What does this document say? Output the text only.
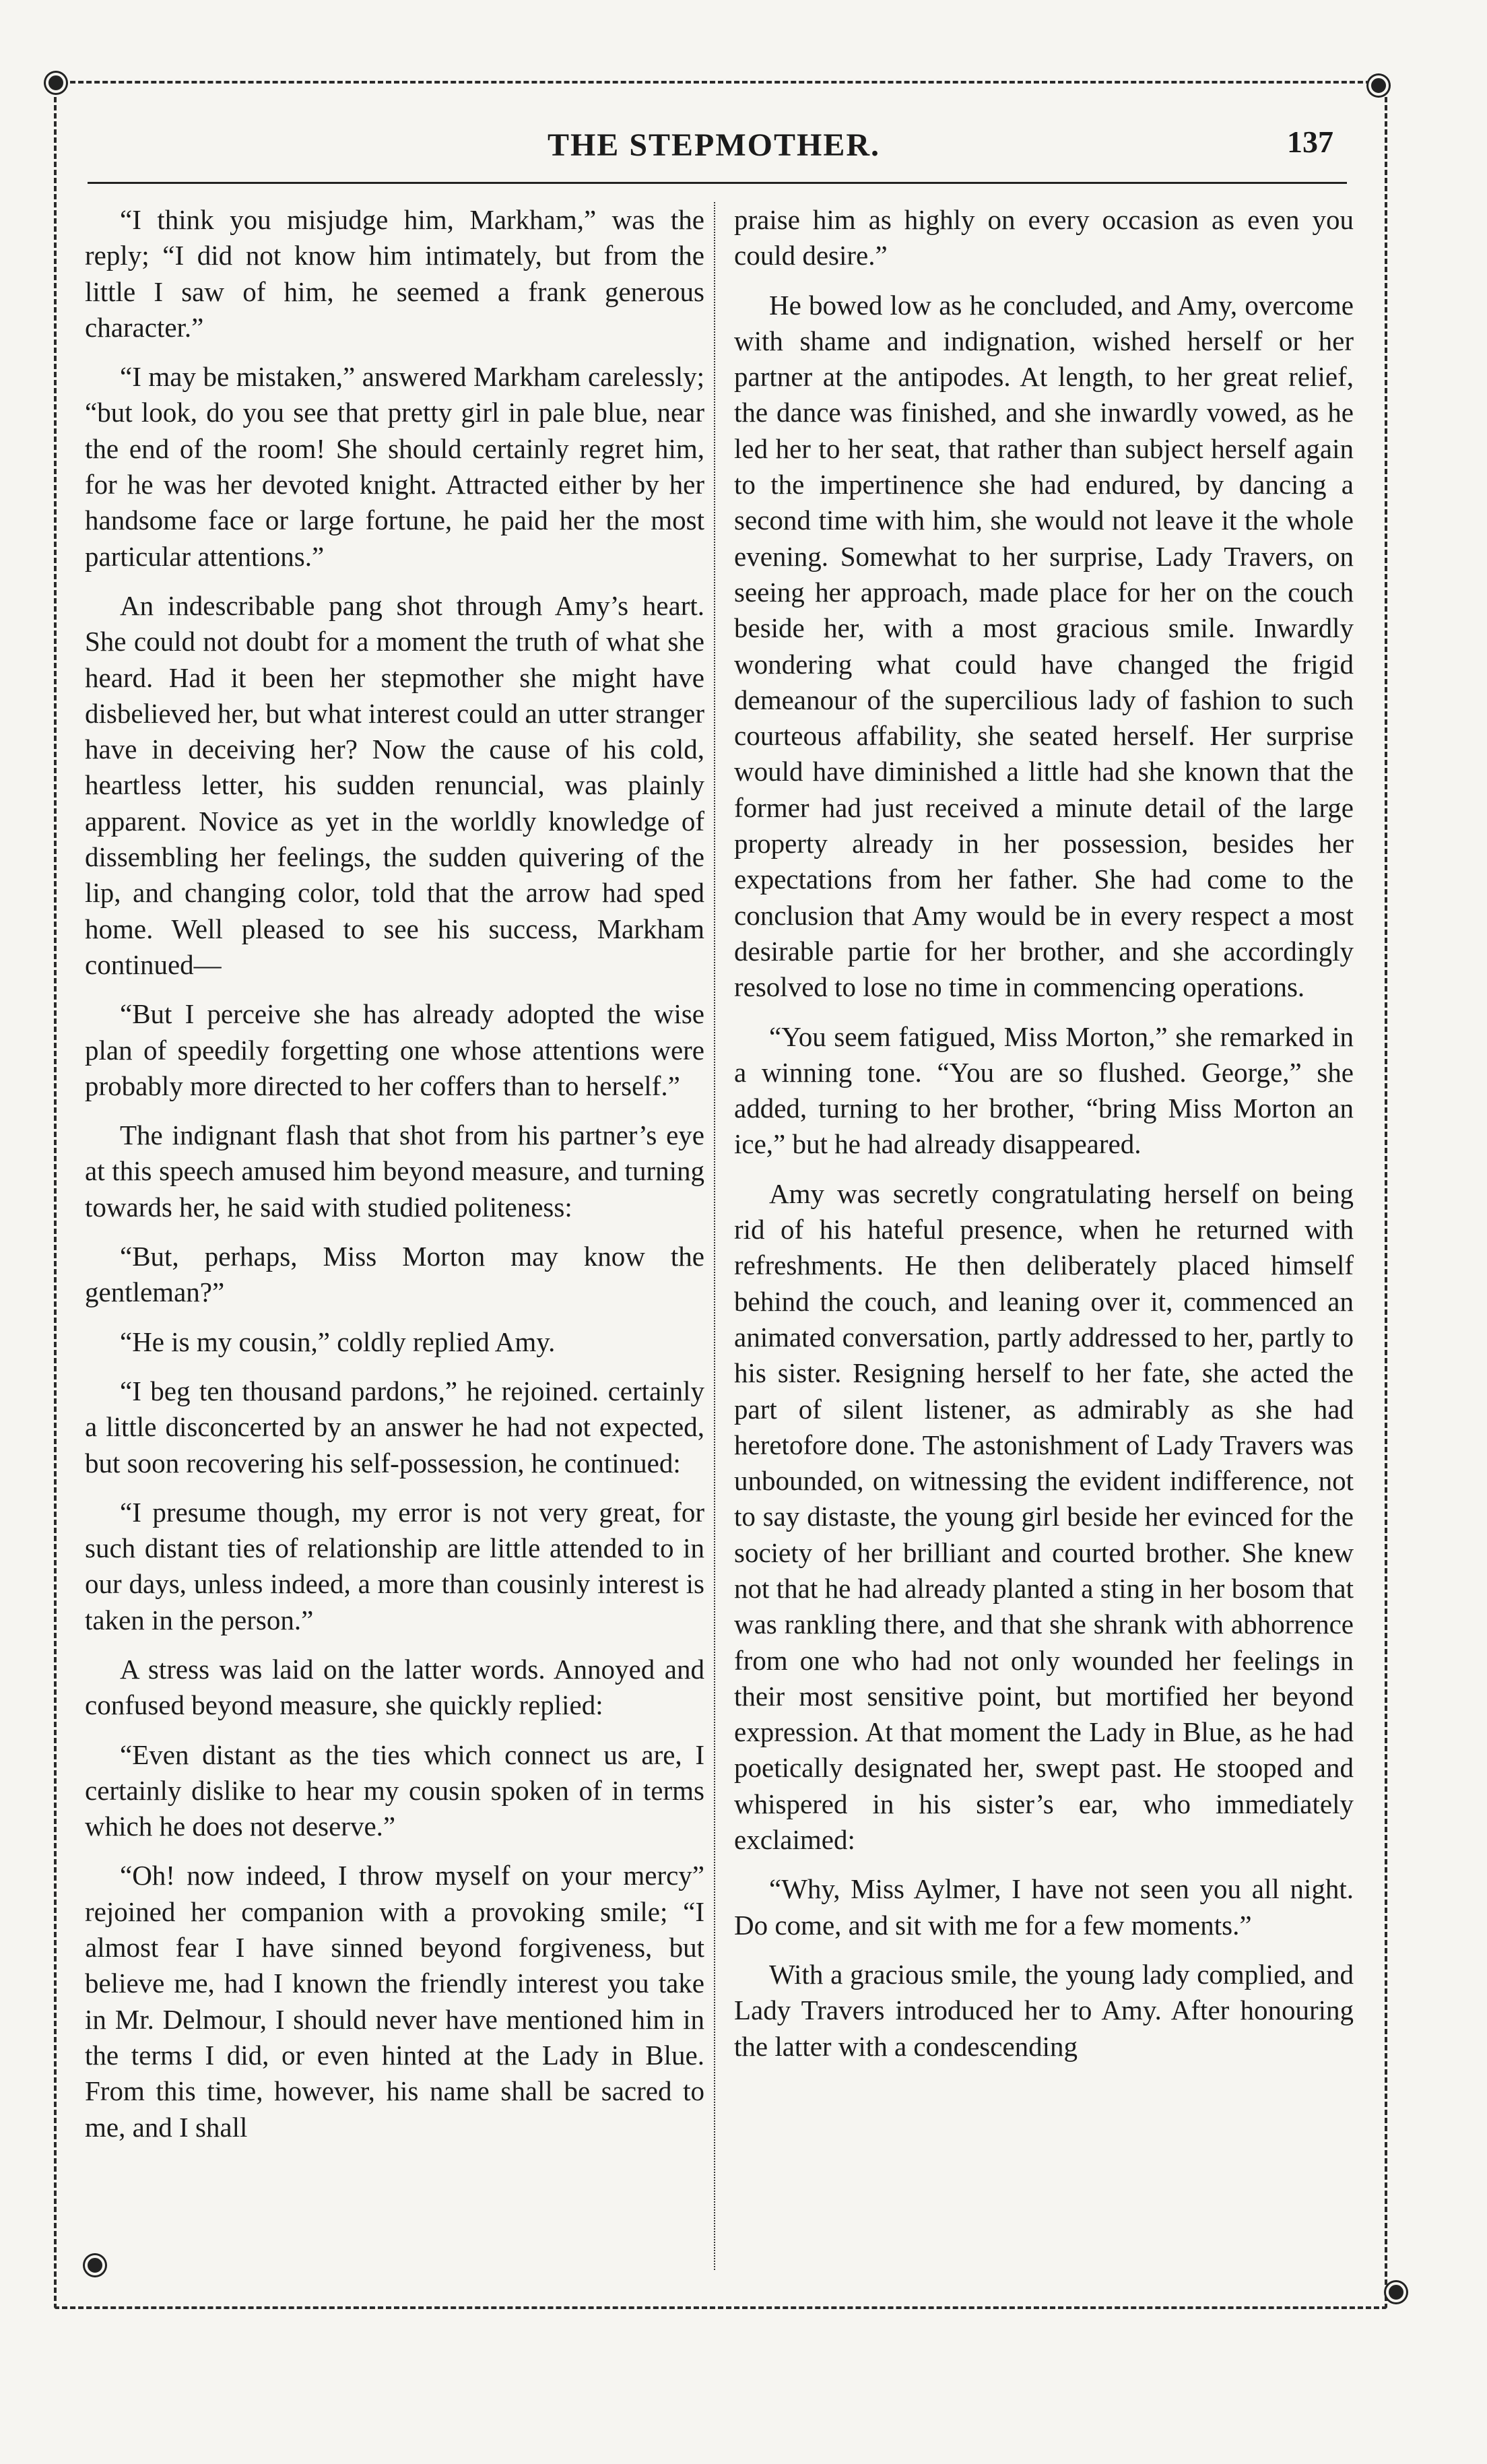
THE STEPMOTHER.	137

“I think you misjudge him, Markham,” was the reply; “I did not know him intimately, but from the little I saw of him, he seemed a frank generous character.”

“I may be mistaken,” answered Markham carelessly; “but look, do you see that pretty girl in pale blue, near the end of the room! She should certainly regret him, for he was her devoted knight. Attracted either by her handsome face or large fortune, he paid her the most particular attentions.”

An indescribable pang shot through Amy’s heart. She could not doubt for a moment the truth of what she heard. Had it been her stepmother she might have disbelieved her, but what interest could an utter stranger have in deceiving her? Now the cause of his cold, heartless letter, his sudden renuncial, was plainly apparent. Novice as yet in the worldly knowledge of dissembling her feelings, the sudden quivering of the lip, and changing color, told that the arrow had sped home. Well pleased to see his success, Markham continued—

“But I perceive she has already adopted the wise plan of speedily forgetting one whose attentions were probably more directed to her coffers than to herself.”

The indignant flash that shot from his partner’s eye at this speech amused him beyond measure, and turning towards her, he said with studied politeness:

“But, perhaps, Miss Morton may know the gentleman?”

“He is my cousin,” coldly replied Amy.

“I beg ten thousand pardons,” he rejoined. certainly a little disconcerted by an answer he had not expected, but soon recovering his self-possession, he continued:

“I presume though, my error is not very great, for such distant ties of relationship are little attended to in our days, unless indeed, a more than cousinly interest is taken in the person.”

A stress was laid on the latter words. Annoyed and confused beyond measure, she quickly replied:

“Even distant as the ties which connect us are, I certainly dislike to hear my cousin spoken of in terms which he does not deserve.”

“Oh! now indeed, I throw myself on your mercy” rejoined her companion with a provoking smile; “I almost fear I have sinned beyond forgiveness, but believe me, had I known the friendly interest you take in Mr. Delmour, I should never have mentioned him in the terms I did, or even hinted at the Lady in Blue. From this time, however, his name shall be sacred to me, and I shall

praise him as highly on every occasion as even you could desire.”

He bowed low as he concluded, and Amy, overcome with shame and indignation, wished herself or her partner at the antipodes. At length, to her great relief, the dance was finished, and she inwardly vowed, as he led her to her seat, that rather than subject herself again to the impertinence she had endured, by dancing a second time with him, she would not leave it the whole evening. Somewhat to her surprise, Lady Travers, on seeing her approach, made place for her on the couch beside her, with a most gracious smile. Inwardly wondering what could have changed the frigid demeanour of the supercilious lady of fashion to such courteous affability, she seated herself. Her surprise would have diminished a little had she known that the former had just received a minute detail of the large property already in her possession, besides her expectations from her father. She had come to the conclusion that Amy would be in every respect a most desirable partie for her brother, and she accordingly resolved to lose no time in commencing operations.

“You seem fatigued, Miss Morton,” she remarked in a winning tone. “You are so flushed. George,” she added, turning to her brother, “bring Miss Morton an ice,” but he had already disappeared.

Amy was secretly congratulating herself on being rid of his hateful presence, when he returned with refreshments. He then deliberately placed himself behind the couch, and leaning over it, commenced an animated conversation, partly addressed to her, partly to his sister. Resigning herself to her fate, she acted the part of silent listener, as admirably as she had heretofore done. The astonishment of Lady Travers was unbounded, on witnessing the evident indifference, not to say distaste, the young girl beside her evinced for the society of her brilliant and courted brother. She knew not that he had already planted a sting in her bosom that was rankling there, and that she shrank with abhorrence from one who had not only wounded her feelings in their most sensitive point, but mortified her beyond expression. At that moment the Lady in Blue, as he had poetically designated her, swept past. He stooped and whispered in his sister’s ear, who immediately exclaimed:

“Why, Miss Aylmer, I have not seen you all night. Do come, and sit with me for a few moments.”

With a gracious smile, the young lady complied, and Lady Travers introduced her to Amy. After honouring the latter with a condescending
